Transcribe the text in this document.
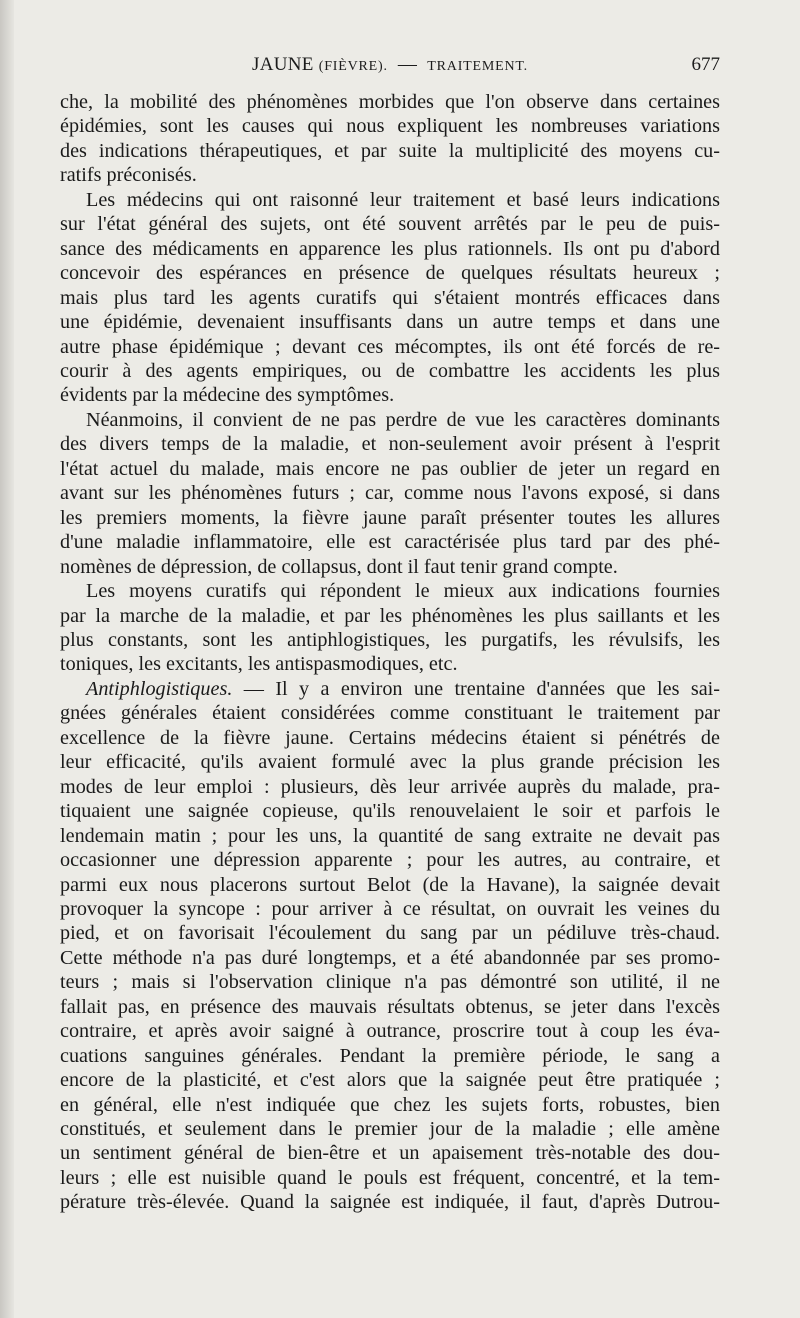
JAUNE (FIÈVRE). — TRAITEMENT.	677
che, la mobilité des phénomènes morbides que l'on observe dans certaines
épidémies, sont les causes qui nous expliquent les nombreuses variations
des indications thérapeutiques, et par suite la multiplicité des moyens cu-
ratifs préconisés.
Les médecins qui ont raisonné leur traitement et basé leurs indications
sur l'état général des sujets, ont été souvent arrêtés par le peu de puis-
sance des médicaments en apparence les plus rationnels. Ils ont pu d'abord
concevoir des espérances en présence de quelques résultats heureux ;
mais plus tard les agents curatifs qui s'étaient montrés efficaces dans
une épidémie, devenaient insuffisants dans un autre temps et dans une
autre phase épidémique ; devant ces mécomptes, ils ont été forcés de re-
courir à des agents empiriques, ou de combattre les accidents les plus
évidents par la médecine des symptômes.
Néanmoins, il convient de ne pas perdre de vue les caractères dominants
des divers temps de la maladie, et non-seulement avoir présent à l'esprit
l'état actuel du malade, mais encore ne pas oublier de jeter un regard en
avant sur les phénomènes futurs ; car, comme nous l'avons exposé, si dans
les premiers moments, la fièvre jaune paraît présenter toutes les allures
d'une maladie inflammatoire, elle est caractérisée plus tard par des phé-
nomènes de dépression, de collapsus, dont il faut tenir grand compte.
Les moyens curatifs qui répondent le mieux aux indications fournies
par la marche de la maladie, et par les phénomènes les plus saillants et les
plus constants, sont les antiphlogistiques, les purgatifs, les révulsifs, les
toniques, les excitants, les antispasmodiques, etc.
Antiphlogistiques. — Il y a environ une trentaine d'années que les sai-
gnées générales étaient considérées comme constituant le traitement par
excellence de la fièvre jaune. Certains médecins étaient si pénétrés de
leur efficacité, qu'ils avaient formulé avec la plus grande précision les
modes de leur emploi : plusieurs, dès leur arrivée auprès du malade, pra-
tiquaient une saignée copieuse, qu'ils renouvelaient le soir et parfois le
lendemain matin ; pour les uns, la quantité de sang extraite ne devait pas
occasionner une dépression apparente ; pour les autres, au contraire, et
parmi eux nous placerons surtout Belot (de la Havane), la saignée devait
provoquer la syncope : pour arriver à ce résultat, on ouvrait les veines du
pied, et on favorisait l'écoulement du sang par un pédiluve très-chaud.
Cette méthode n'a pas duré longtemps, et a été abandonnée par ses promo-
teurs ; mais si l'observation clinique n'a pas démontré son utilité, il ne
fallait pas, en présence des mauvais résultats obtenus, se jeter dans l'excès
contraire, et après avoir saigné à outrance, proscrire tout à coup les éva-
cuations sanguines générales. Pendant la première période, le sang a
encore de la plasticité, et c'est alors que la saignée peut être pratiquée ;
en général, elle n'est indiquée que chez les sujets forts, robustes, bien
constitués, et seulement dans le premier jour de la maladie ; elle amène
un sentiment général de bien-être et un apaisement très-notable des dou-
leurs ; elle est nuisible quand le pouls est fréquent, concentré, et la tem-
pérature très-élevée. Quand la saignée est indiquée, il faut, d'après Dutrou-
